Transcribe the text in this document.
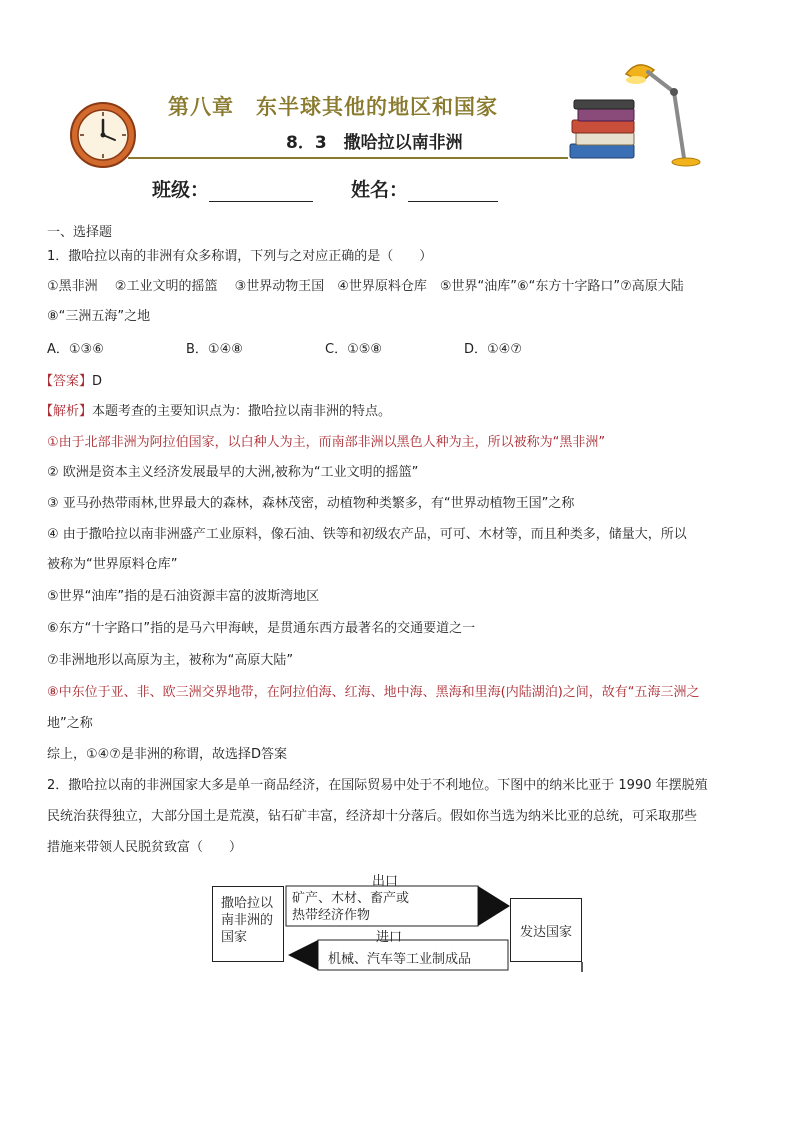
第八章 东半球其他的地区和国家
8．3　撒哈拉以南非洲
班级：	姓名：
一、选择题
1．撒哈拉以南的非洲有众多称谓，下列与之对应正确的是（　　）
①黑非洲　 ②工业文明的摇篮　 ③世界动物王国　④世界原料仓库　⑤世界“油库”⑥“东方十字路口”⑦高原大陆
⑧“三洲五海”之地
A．①③⑥	B．①④⑧	C．①⑤⑧	D．①④⑦
【答案】D
【解析】本题考查的主要知识点为：撒哈拉以南非洲的特点。
①由于北部非洲为阿拉伯国家，以白种人为主，而南部非洲以黑色人种为主，所以被称为“黑非洲”
② 欧洲是资本主义经济发展最早的大洲,被称为“工业文明的摇篮”
③ 亚马孙热带雨林,世界最大的森林，森林茂密，动植物种类繁多，有“世界动植物王国”之称
④ 由于撒哈拉以南非洲盛产工业原料，像石油、铁等和初级农产品，可可、木材等，而且种类多，储量大，所以
被称为“世界原料仓库”
⑤世界“油库”指的是石油资源丰富的波斯湾地区
⑥东方“十字路口”指的是马六甲海峡，是贯通东西方最著名的交通要道之一
⑦非洲地形以高原为主，被称为“高原大陆”
⑧中东位于亚、非、欧三洲交界地带，在阿拉伯海、红海、地中海、黑海和里海(内陆湖泊)之间，故有“五海三洲之
地”之称
综上，①④⑦是非洲的称谓，故选择D答案
2．撒哈拉以南的非洲国家大多是单一商品经济，在国际贸易中处于不利地位。下图中的纳米比亚于 1990 年摆脱殖
民统治获得独立，大部分国土是荒漠，钻石矿丰富，经济却十分落后。假如你当选为纳米比亚的总统，可采取那些
措施来带领人民脱贫致富（　　）
撒哈拉以
南非洲的
国家	发达国家
出口
矿产、木材、畜产或
热带经济作物
进口
机械、汽车等工业制成品
